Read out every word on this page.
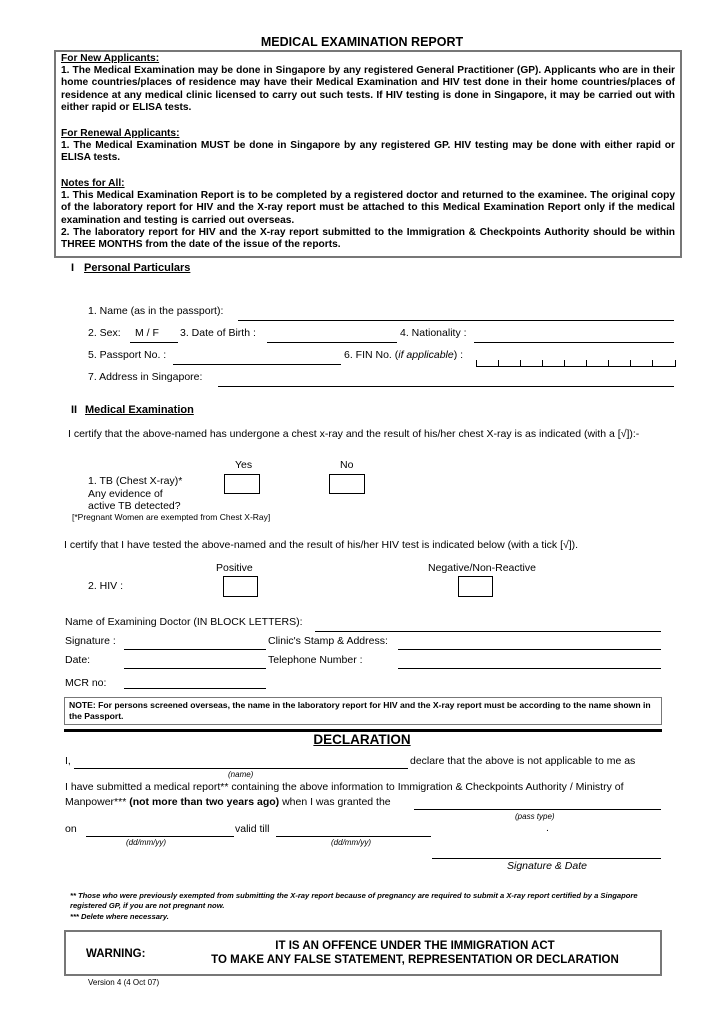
MEDICAL EXAMINATION REPORT
For New Applicants:
1. The Medical Examination may be done in Singapore by any registered General Practitioner (GP). Applicants who are in their home countries/places of residence may have their Medical Examination and HIV test done in their home countries/places of residence at any medical clinic licensed to carry out such tests. If HIV testing is done in Singapore, it may be carried out with either rapid or ELISA tests.
For Renewal Applicants:
1. The Medical Examination MUST be done in Singapore by any registered GP. HIV testing may be done with either rapid or ELISA tests.
Notes for All:
1. This Medical Examination Report is to be completed by a registered doctor and returned to the examinee. The original copy of the laboratory report for HIV and the X-ray report must be attached to this Medical Examination Report only if the medical examination and testing is carried out overseas.
2. The laboratory report for HIV and the X-ray report submitted to the Immigration & Checkpoints Authority should be within THREE MONTHS from the date of the issue of the reports.
I Personal Particulars
1. Name (as in the passport):
2. Sex: M / F 3. Date of Birth :	4. Nationality :
5. Passport No. :	6. FIN No. (if applicable) :
7. Address in Singapore:
II Medical Examination
I certify that the above-named has undergone a chest x-ray and the result of his/her chest X-ray is as indicated (with a [√]):-
Yes	No
1. TB (Chest X-ray)*
Any evidence of
active TB detected?
[*Pregnant Women are exempted from Chest X-Ray]
I certify that I have tested the above-named and the result of his/her HIV test is indicated below (with a tick [√]).
Positive	Negative/Non-Reactive
2. HIV :
Name of Examining Doctor (IN BLOCK LETTERS):
Signature :	Clinic's Stamp & Address:
Date:	Telephone Number :
MCR no:
NOTE: For persons screened overseas, the name in the laboratory report for HIV and the X-ray report must be according to the name shown in the Passport.
DECLARATION
I,	declare that the above is not applicable to me as
(name)
I have submitted a medical report** containing the above information to Immigration & Checkpoints Authority / Ministry of
Manpower*** (not more than two years ago) when I was granted the
(pass type)
on	valid till	.
(dd/mm/yy)	(dd/mm/yy)
Signature & Date
** Those who were previously exempted from submitting the X-ray report because of pregnancy are required to submit a X-ray report certified by a Singapore registered GP, if you are not pregnant now.
*** Delete where necessary.
WARNING:
IT IS AN OFFENCE UNDER THE IMMIGRATION ACT
TO MAKE ANY FALSE STATEMENT, REPRESENTATION OR DECLARATION
Version 4 (4 Oct 07)
